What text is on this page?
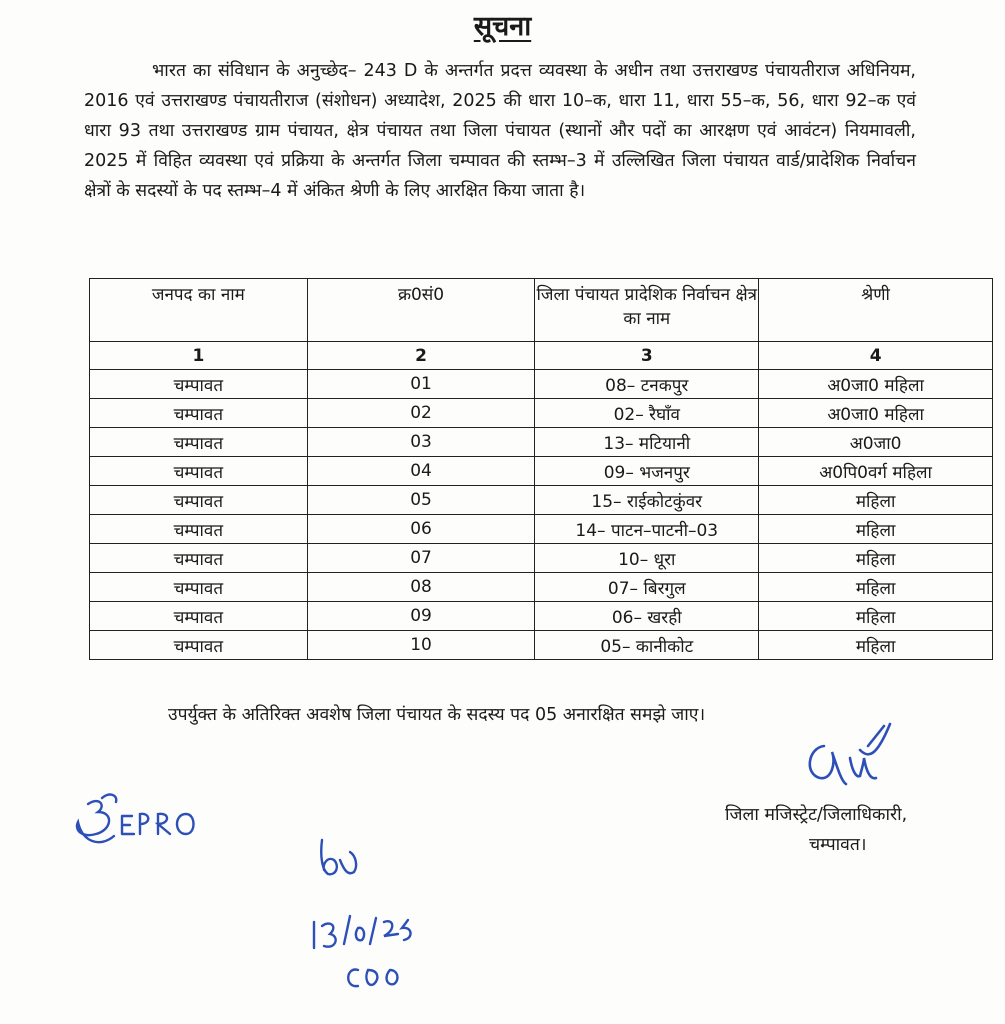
सूचना

भारत का संविधान के अनुच्छेद– 243 D के अन्तर्गत प्रदत्त व्यवस्था के अधीन तथा उत्तराखण्ड पंचायतीराज अधिनियम, 2016 एवं उत्तराखण्ड पंचायतीराज (संशोधन) अध्यादेश, 2025 की धारा 10–क, धारा 11, धारा 55–क, 56, धारा 92–क एवं धारा 93 तथा उत्तराखण्ड ग्राम पंचायत, क्षेत्र पंचायत तथा जिला पंचायत (स्थानों और पदों का आरक्षण एवं आवंटन) नियमावली, 2025 में विहित व्यवस्था एवं प्रक्रिया के अन्तर्गत जिला चम्पावत की स्तम्भ–3 में उल्लिखित जिला पंचायत वार्ड/प्रादेशिक निर्वाचन क्षेत्रों के सदस्यों के पद स्तम्भ–4 में अंकित श्रेणी के लिए आरक्षित किया जाता है।

जनपद का नाम	क्र0सं0	जिला पंचायत प्रादेशिक निर्वाचन क्षेत्र का नाम	श्रेणी
1	2	3	4
चम्पावत	01	08– टनकपुर	अ0जा0 महिला
चम्पावत	02	02– रैघाँव	अ0जा0 महिला
चम्पावत	03	13– मटियानी	अ0जा0
चम्पावत	04	09– भजनपुर	अ0पि0वर्ग महिला
चम्पावत	05	15– राईकोटकुंवर	महिला
चम्पावत	06	14– पाटन–पाटनी–03	महिला
चम्पावत	07	10– धूरा	महिला
चम्पावत	08	07– बिरगुल	महिला
चम्पावत	09	06– खरही	महिला
चम्पावत	10	05– कानीकोट	महिला
उपर्युक्त के अतिरिक्त अवशेष जिला पंचायत के सदस्य पद 05 अनारक्षित समझे जाए।
जिला मजिस्ट्रेट/जिलाधिकारी,
चम्पावत।
